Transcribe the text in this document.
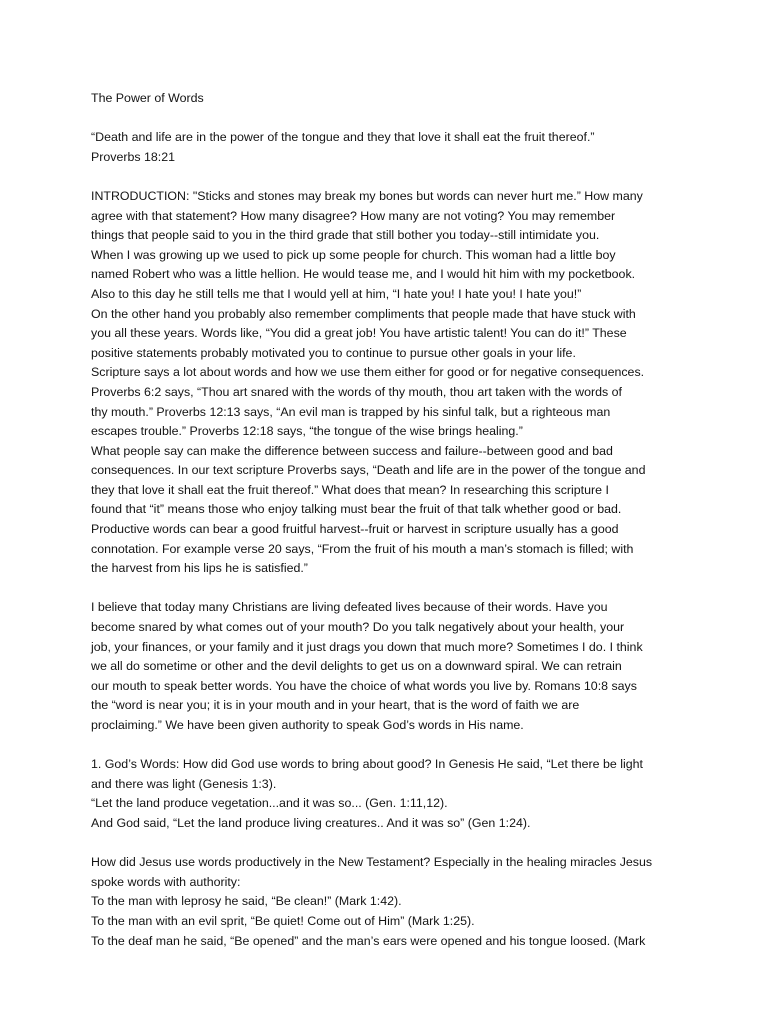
The Power of Words

“Death and life are in the power of the tongue and they that love it shall eat the fruit thereof.”
Proverbs 18:21

INTRODUCTION: "Sticks and stones may break my bones but words can never hurt me.” How many
agree with that statement? How many disagree? How many are not voting? You may remember
things that people said to you in the third grade that still bother you today--still intimidate you.
When I was growing up we used to pick up some people for church. This woman had a little boy
named Robert who was a little hellion. He would tease me, and I would hit him with my pocketbook.
Also to this day he still tells me that I would yell at him, “I hate you! I hate you! I hate you!”
On the other hand you probably also remember compliments that people made that have stuck with
you all these years. Words like, “You did a great job! You have artistic talent! You can do it!” These
positive statements probably motivated you to continue to pursue other goals in your life.
Scripture says a lot about words and how we use them either for good or for negative consequences.
Proverbs 6:2 says, “Thou art snared with the words of thy mouth, thou art taken with the words of
thy mouth.” Proverbs 12:13 says, “An evil man is trapped by his sinful talk, but a righteous man
escapes trouble.” Proverbs 12:18 says, “the tongue of the wise brings healing.”
What people say can make the difference between success and failure--between good and bad
consequences. In our text scripture Proverbs says, “Death and life are in the power of the tongue and
they that love it shall eat the fruit thereof.” What does that mean? In researching this scripture I
found that “it” means those who enjoy talking must bear the fruit of that talk whether good or bad.
Productive words can bear a good fruitful harvest--fruit or harvest in scripture usually has a good
connotation. For example verse 20 says, “From the fruit of his mouth a man’s stomach is filled; with
the harvest from his lips he is satisfied.”

I believe that today many Christians are living defeated lives because of their words. Have you
become snared by what comes out of your mouth? Do you talk negatively about your health, your
job, your finances, or your family and it just drags you down that much more? Sometimes I do. I think
we all do sometime or other and the devil delights to get us on a downward spiral. We can retrain
our mouth to speak better words. You have the choice of what words you live by. Romans 10:8 says
the “word is near you; it is in your mouth and in your heart, that is the word of faith we are
proclaiming.” We have been given authority to speak God’s words in His name.

1. God’s Words: How did God use words to bring about good? In Genesis He said, “Let there be light
and there was light (Genesis 1:3).
“Let the land produce vegetation...and it was so... (Gen. 1:11,12).
And God said, “Let the land produce living creatures.. And it was so” (Gen 1:24).

How did Jesus use words productively in the New Testament? Especially in the healing miracles Jesus
spoke words with authority:
To the man with leprosy he said, “Be clean!” (Mark 1:42).
To the man with an evil sprit, “Be quiet! Come out of Him” (Mark 1:25).
To the deaf man he said, “Be opened” and the man’s ears were opened and his tongue loosed. (Mark
